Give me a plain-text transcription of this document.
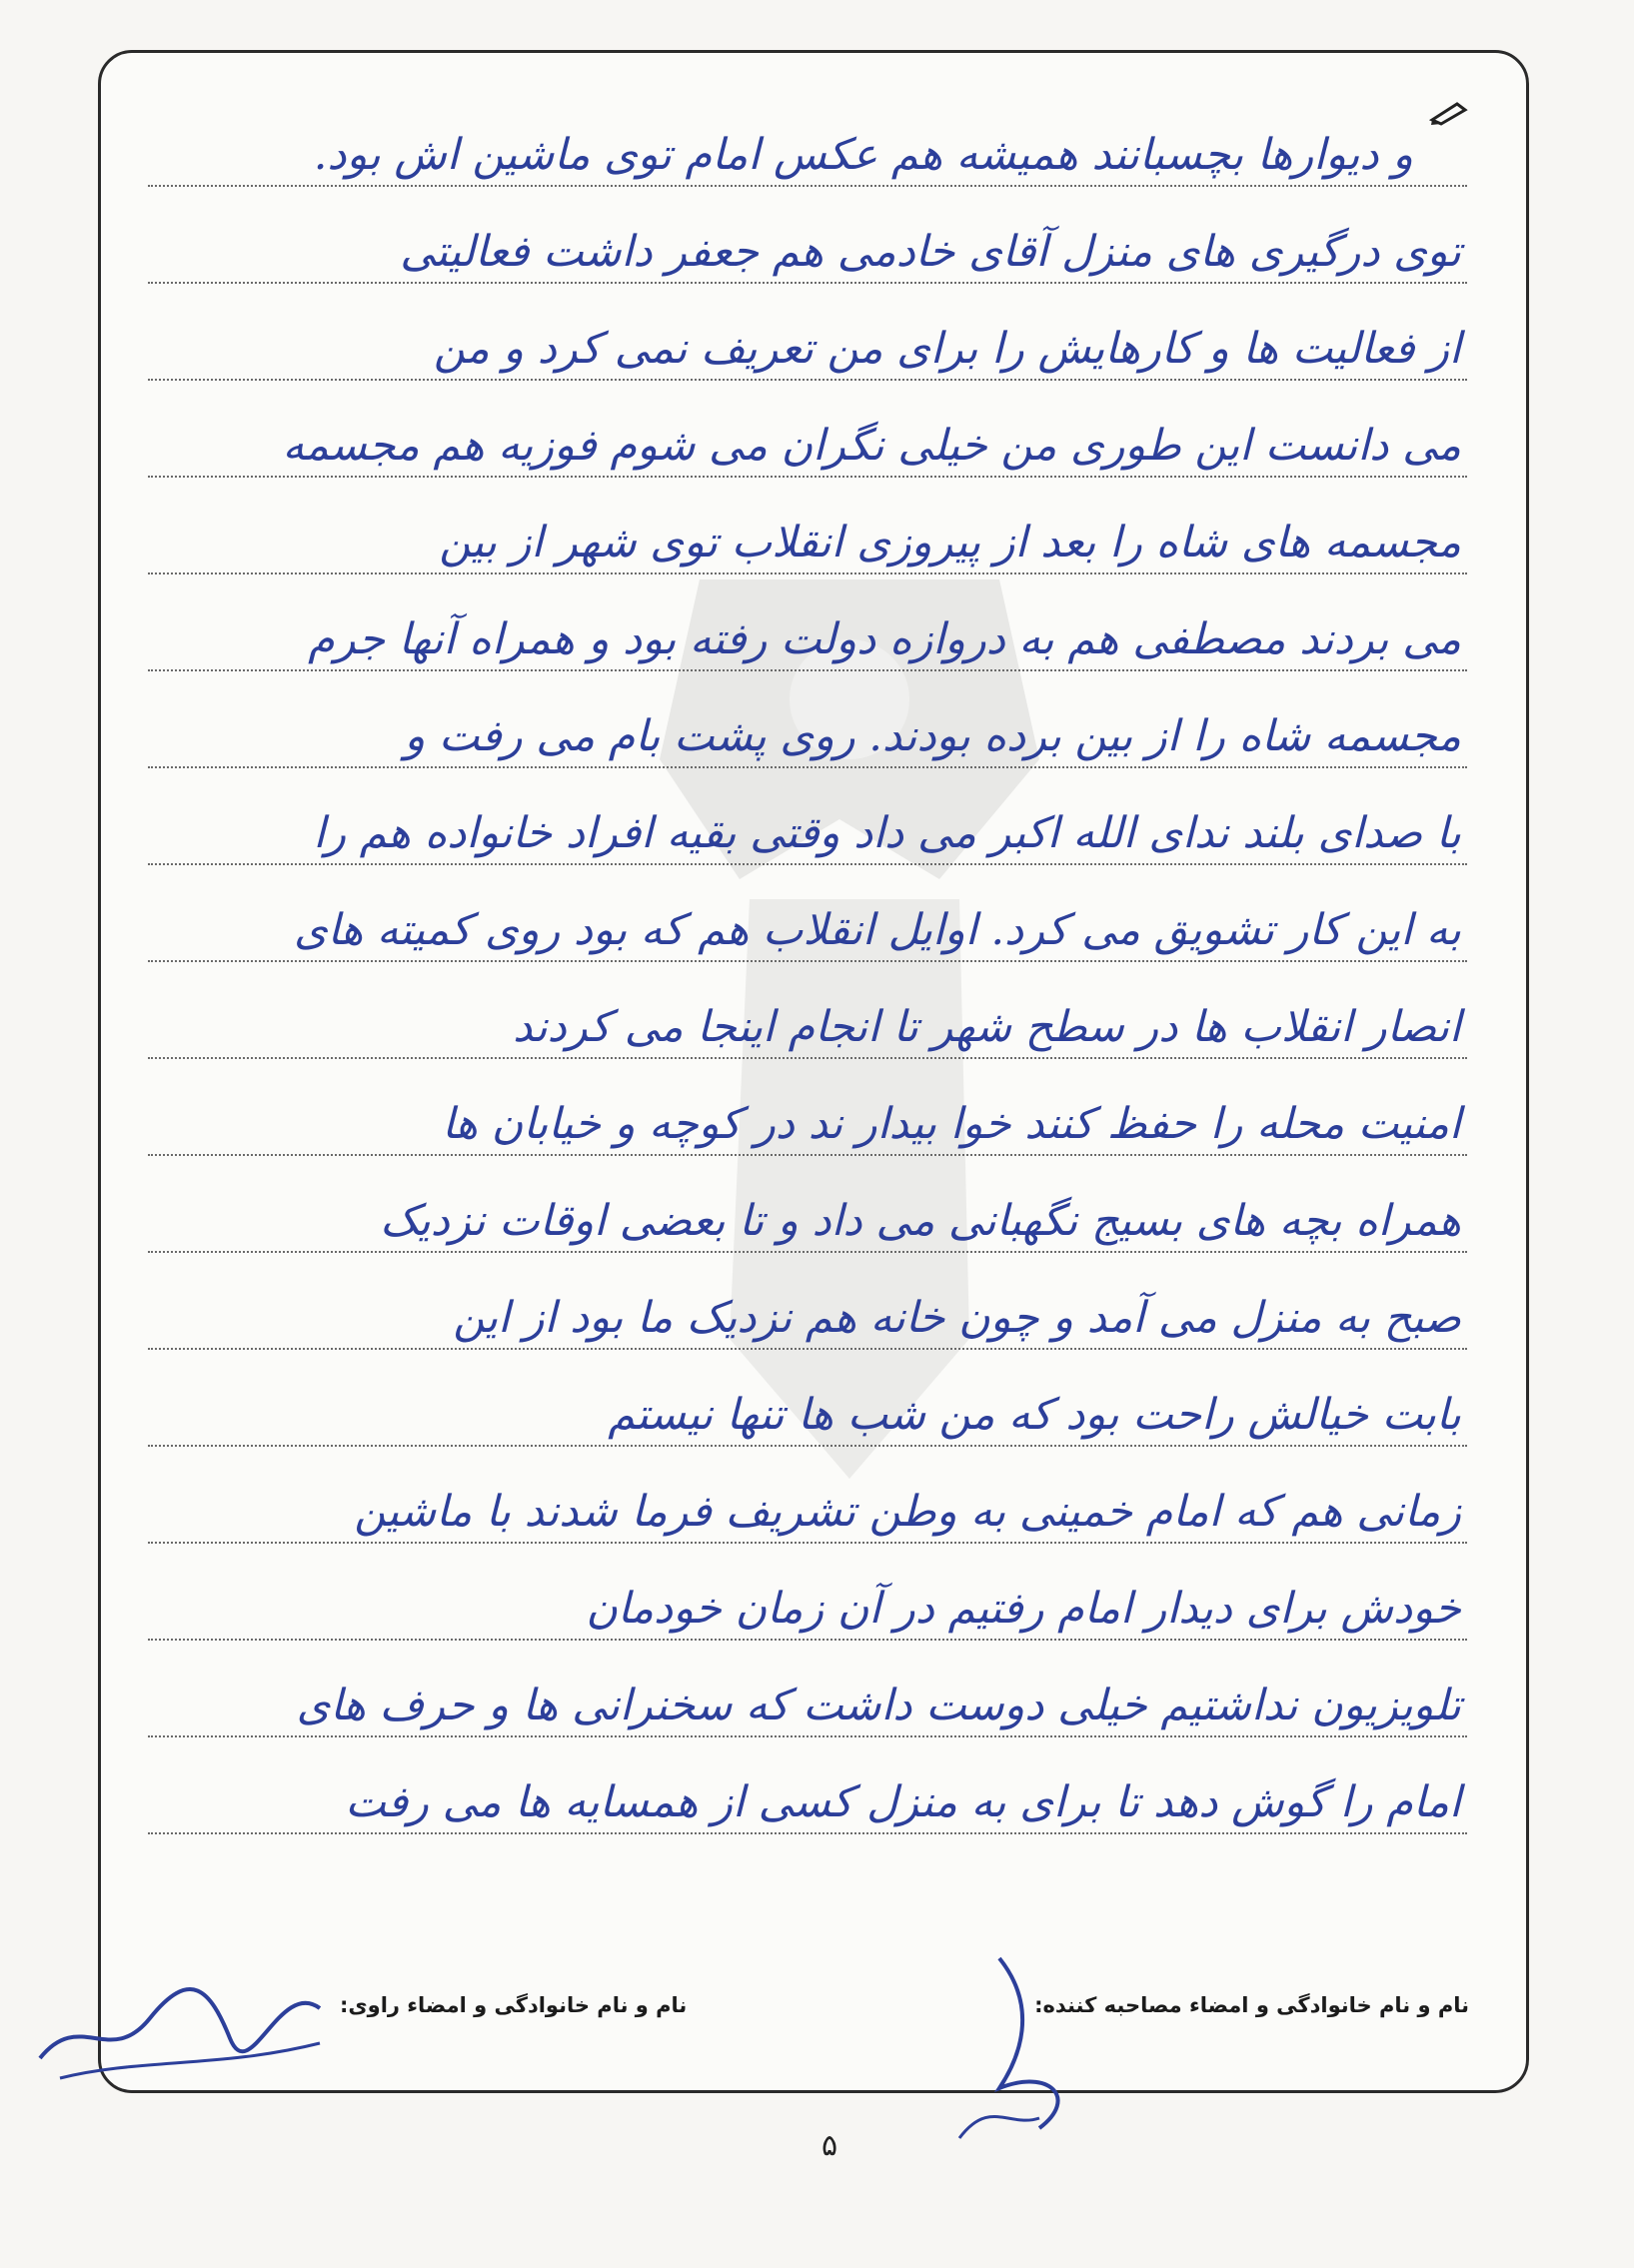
و دیوارها بچسبانند همیشه هم عکس امام توی ماشین اش بود.
توی درگیری های منزل آقای خادمی هم جعفر داشت فعالیتی
از فعالیت ها و کارهایش را برای من تعریف نمی کرد و من
می دانست این طوری من خیلی نگران می شوم فوزیه هم مجسمه
مجسمه های شاه را بعد از پیروزی انقلاب توی شهر از بین
می بردند مصطفی هم به دروازه دولت رفته بود و همراه آنها جرم
مجسمه شاه را از بین برده بودند. روی پشت بام می رفت و
با صدای بلند ندای الله اکبر می داد وقتی بقیه افراد خانواده هم را
به این کار تشویق می کرد. اوایل انقلاب هم که بود روی کمیته های
انصار انقلاب ها در سطح شهر تا انجام اینجا می کردند
امنیت محله را حفظ کنند خوا بیدار ند در کوچه و خیابان ها
همراه بچه های بسیج نگهبانی می داد و تا بعضی اوقات نزدیک
صبح به منزل می آمد و چون خانه هم نزدیک ما بود از این
بابت خیالش راحت بود که من شب ها تنها نیستم
زمانی هم که امام خمینی به وطن تشریف فرما شدند با ماشین
خودش برای دیدار امام رفتیم در آن زمان خودمان
تلویزیون نداشتیم خیلی دوست داشت که سخنرانی ها و حرف های
امام را گوش دهد تا برای به منزل کسی از همسایه ها می رفت
نام و نام خانوادگی و امضاء مصاحبه کننده:
نام و نام خانوادگی و امضاء راوی:
۵
